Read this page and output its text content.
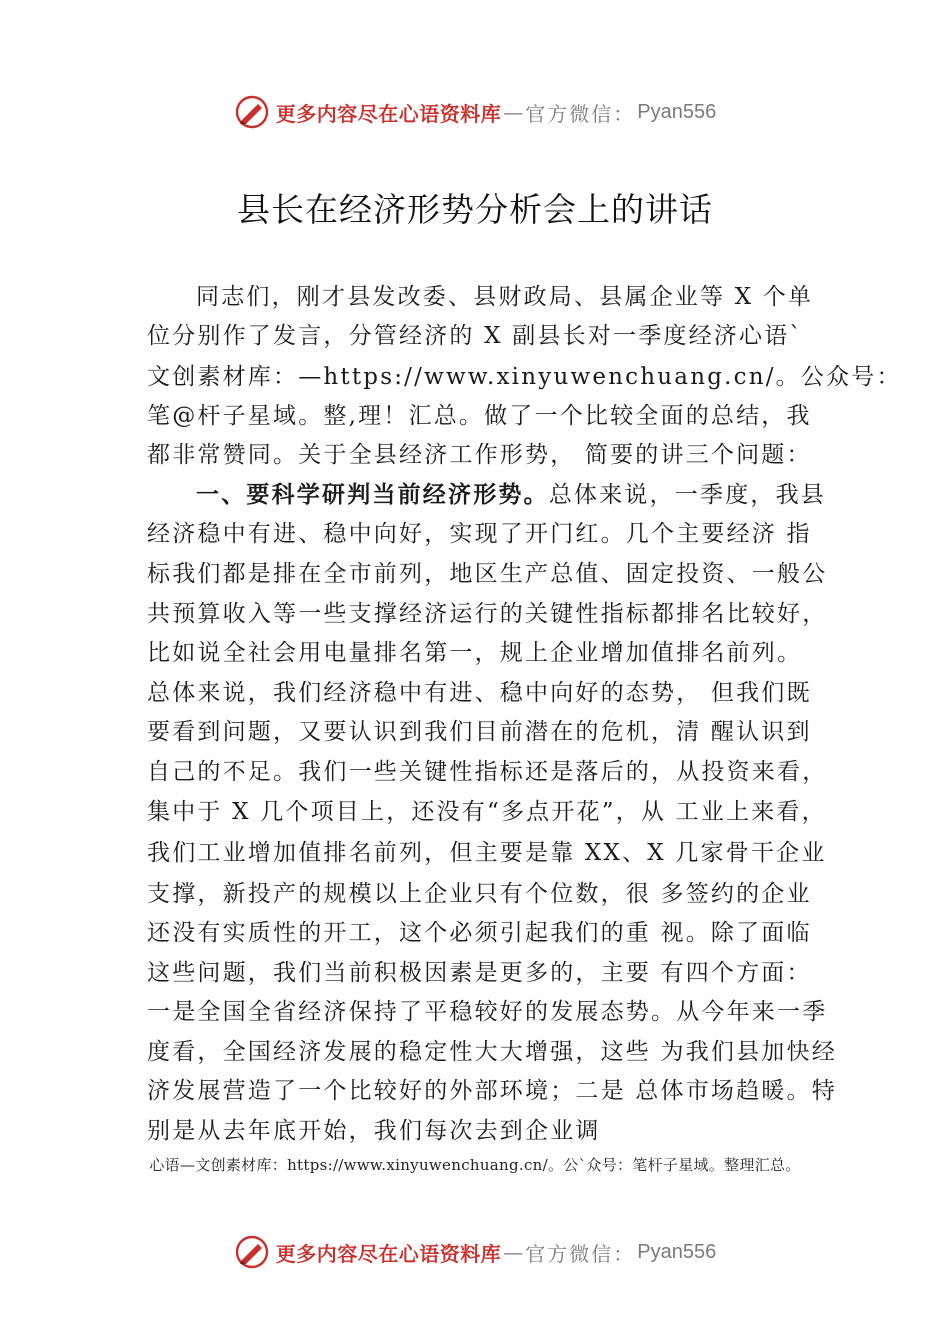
更多内容尽在心语资料库 — 官方微信： Pyan556
县长在经济形势分析会上的讲话
同志们，刚才县发改委、县财政局、县属企业等 X 个单
位分别作了发言，分管经济的 X 副县长对一季度经济心语`
文创素材库：—https://www.xinyuwenchuang.cn/。公众号：
笔@杆子星域。整,理！汇总。做了一个比较全面的总结，我
都非常赞同。关于全县经济工作形势， 简要的讲三个问题：
一、要科学研判当前经济形势。总体来说，一季度，我县
经济稳中有进、稳中向好，实现了开门红。几个主要经济 指
标我们都是排在全市前列，地区生产总值、固定投资、一般公
共预算收入等一些支撑经济运行的关键性指标都排名比较好，
比如说全社会用电量排名第一，规上企业增加值排名前列。
总体来说，我们经济稳中有进、稳中向好的态势， 但我们既
要看到问题，又要认识到我们目前潜在的危机，清 醒认识到
自己的不足。我们一些关键性指标还是落后的，从投资来看，
集中于 X 几个项目上，还没有“多点开花”，从 工业上来看，
我们工业增加值排名前列，但主要是靠 XX、X 几家骨干企业
支撑，新投产的规模以上企业只有个位数，很 多签约的企业
还没有实质性的开工，这个必须引起我们的重 视。除了面临
这些问题，我们当前积极因素是更多的，主要 有四个方面：
一是全国全省经济保持了平稳较好的发展态势。从今年来一季
度看，全国经济发展的稳定性大大增强，这些 为我们县加快经
济发展营造了一个比较好的外部环境；二是 总体市场趋暖。特
别是从去年底开始，我们每次去到企业调
心语—文创素材库：https://www.xinyuwenchuang.cn/。公`众号：笔杆子星域。整理汇总。
更多内容尽在心语资料库 — 官方微信： Pyan556
